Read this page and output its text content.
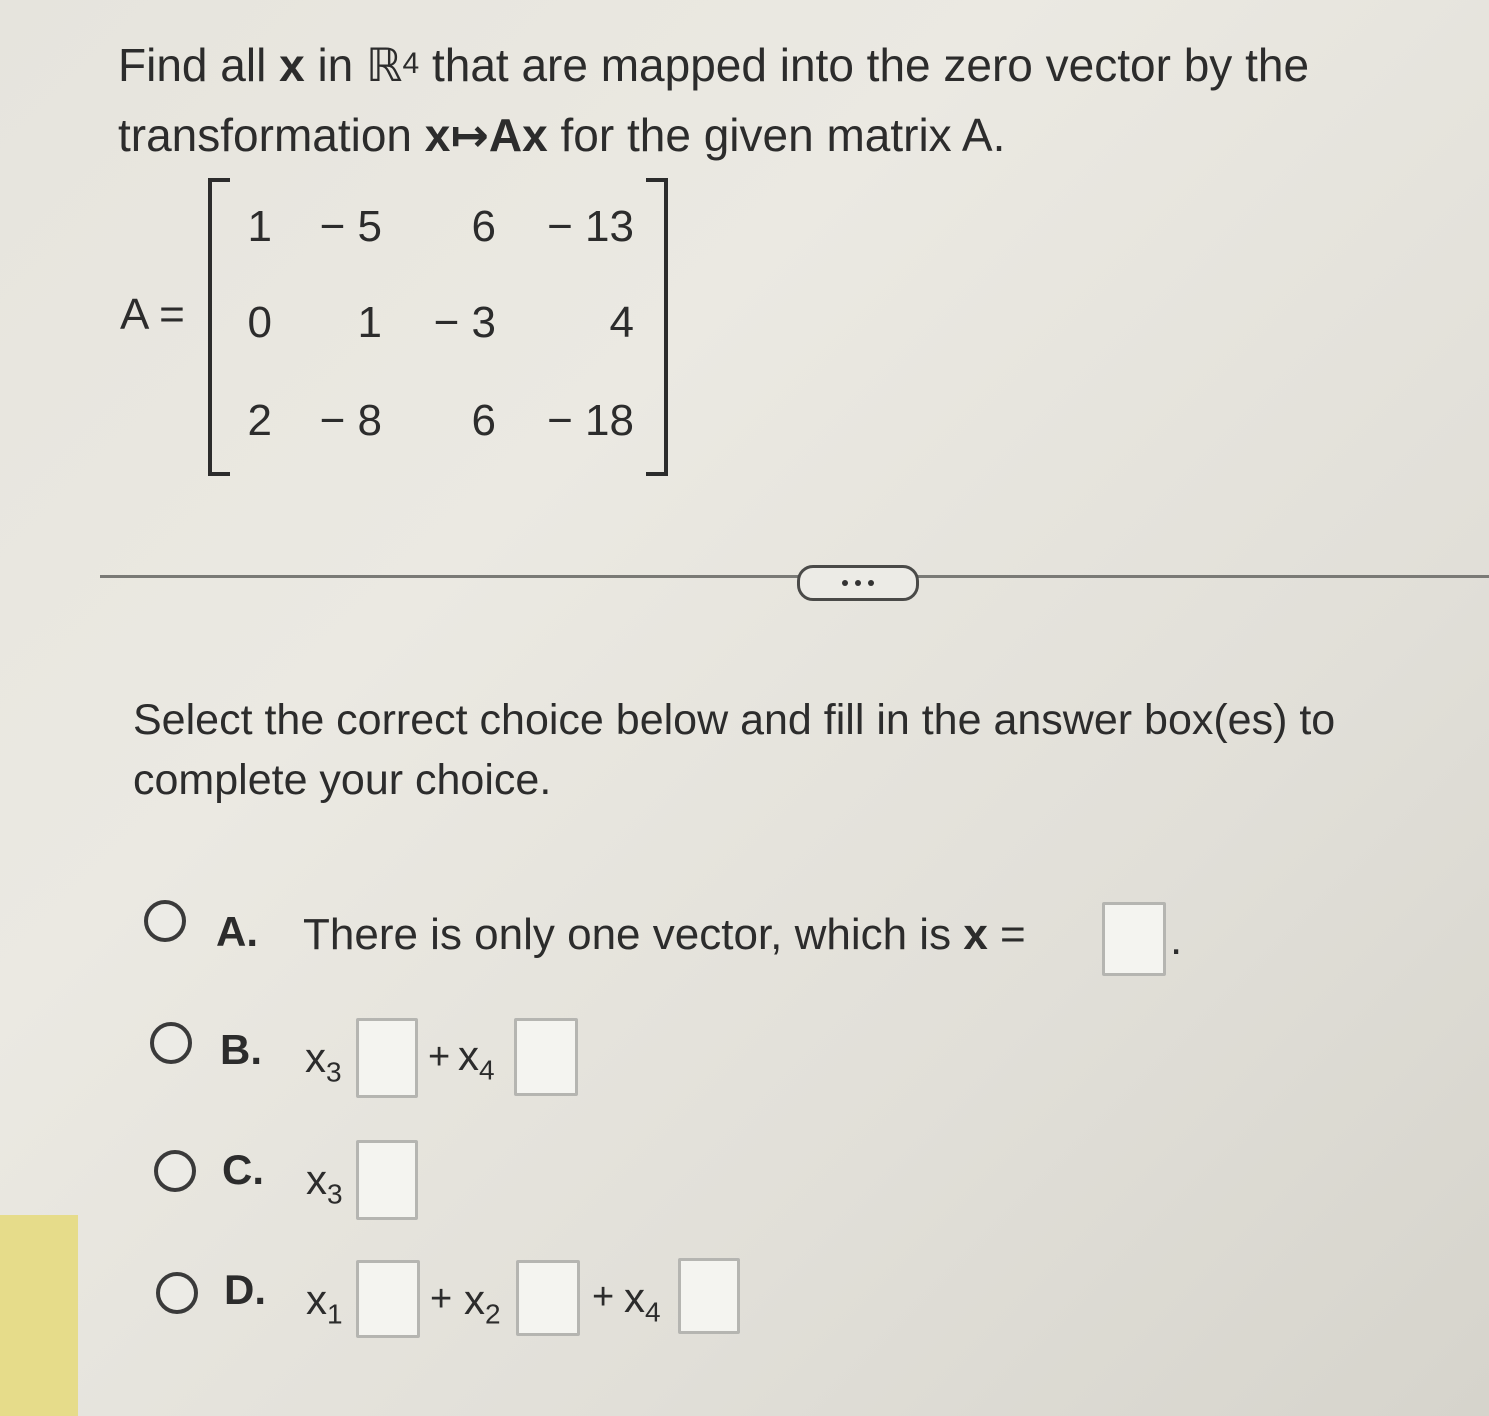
Find all x in ℝ$^4$ that are mapped into the zero vector by the
transformation x↦Ax for the given matrix A.
A =
1	− 5	6	− 13
0	1	− 3	4
2	− 8	6	− 18
Select the correct choice below and fill in the answer box(es) to
complete your choice.
A. There is only one vector, which is x =	.
B. $x_3 + x_4$
C. $x_3$
D. $x_1 + x_2 + x_4$
